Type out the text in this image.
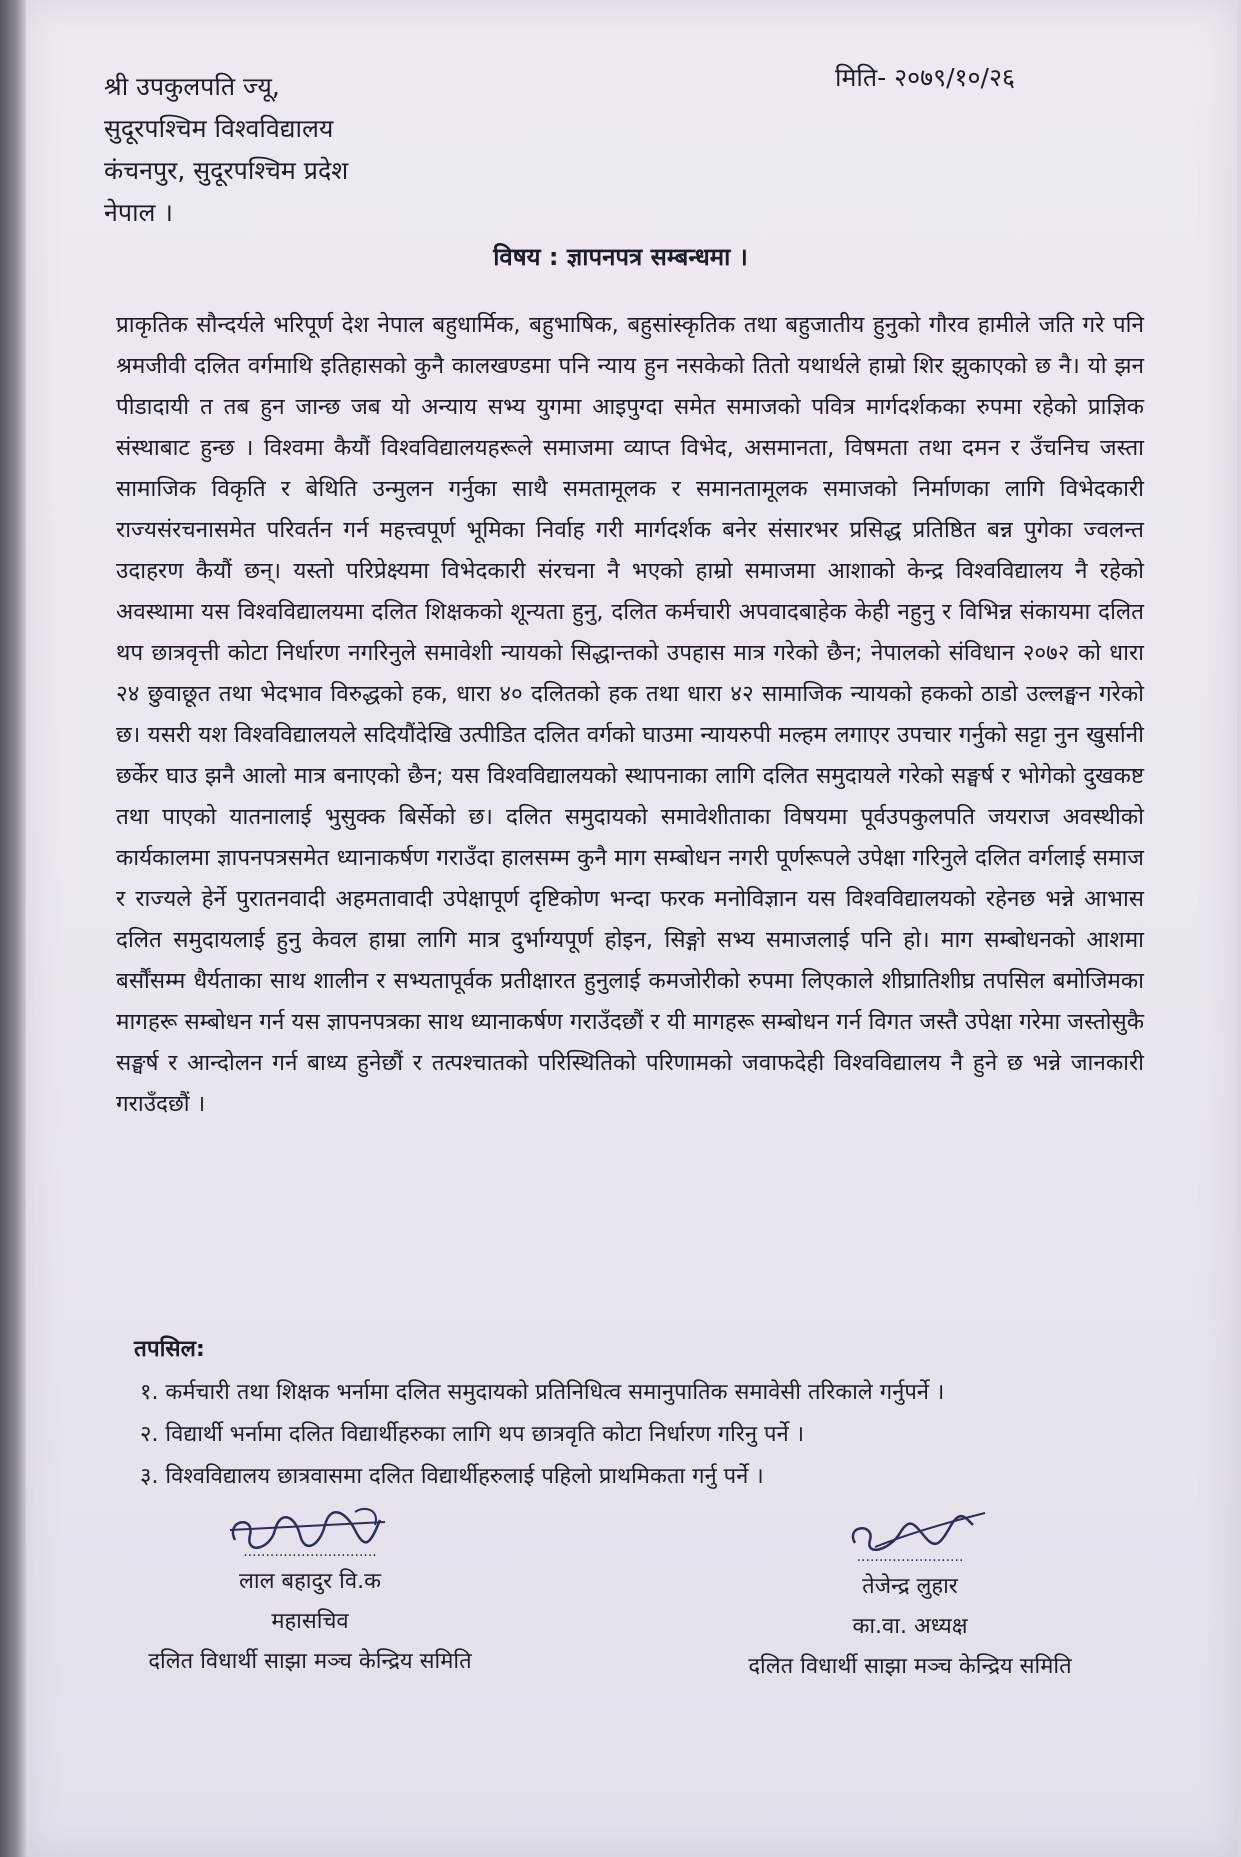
श्री उपकुलपति ज्यू,
सुदूरपश्चिम विश्वविद्यालय
कंचनपुर, सुदूरपश्चिम प्रदेश
नेपाल ।
मिति- २०७९/१०/२६
विषय : ज्ञापनपत्र सम्बन्धमा ।
प्राकृतिक सौन्दर्यले भरिपूर्ण देश नेपाल बहुधार्मिक, बहुभाषिक, बहुसांस्कृतिक तथा बहुजातीय हुनुको गौरव हामीले जति गरे पनि श्रमजीवी दलित वर्गमाथि इतिहासको कुनै कालखण्डमा पनि न्याय हुन नसकेको तितो यथार्थले हाम्रो शिर झुकाएको छ नै। यो झन पीडादायी त तब हुन जान्छ जब यो अन्याय सभ्य युगमा आइपुग्दा समेत समाजको पवित्र मार्गदर्शकका रुपमा रहेको प्राज्ञिक संस्थाबाट हुन्छ । विश्वमा कैयौं विश्वविद्यालयहरूले समाजमा व्याप्त विभेद, असमानता, विषमता तथा दमन र उँचनिच जस्ता सामाजिक विकृति र बेथिति उन्मुलन गर्नुका साथै समतामूलक र समानतामूलक समाजको निर्माणका लागि विभेदकारी राज्यसंरचनासमेत परिवर्तन गर्न महत्त्वपूर्ण भूमिका निर्वाह गरी मार्गदर्शक बनेर संसारभर प्रसिद्ध प्रतिष्ठित बन्न पुगेका ज्वलन्त उदाहरण कैयौं छन्। यस्तो परिप्रेक्ष्यमा विभेदकारी संरचना नै भएको हाम्रो समाजमा आशाको केन्द्र विश्वविद्यालय नै रहेको अवस्थामा यस विश्वविद्यालयमा दलित शिक्षकको शून्यता हुनु, दलित कर्मचारी अपवादबाहेक केही नहुनु र विभिन्न संकायमा दलित थप छात्रवृत्ती कोटा निर्धारण नगरिनुले समावेशी न्यायको सिद्धान्तको उपहास मात्र गरेको छैन; नेपालको संविधान २०७२ को धारा २४ छुवाछूत तथा भेदभाव विरुद्धको हक, धारा ४० दलितको हक तथा धारा ४२ सामाजिक न्यायको हकको ठाडो उल्लङ्घन गरेको छ। यसरी यश विश्वविद्यालयले सदियौंदेखि उत्पीडित दलित वर्गको घाउमा न्यायरुपी मल्हम लगाएर उपचार गर्नुको सट्टा नुन खुर्सानी छर्केर घाउ झनै आलो मात्र बनाएको छैन; यस विश्वविद्यालयको स्थापनाका लागि दलित समुदायले गरेको सङ्घर्ष र भोगेको दुखकष्ट तथा पाएको यातनालाई भुसुक्क बिर्सेको छ। दलित समुदायको समावेशीताका विषयमा पूर्वउपकुलपति जयराज अवस्थीको कार्यकालमा ज्ञापनपत्रसमेत ध्यानाकर्षण गराउँदा हालसम्म कुनै माग सम्बोधन नगरी पूर्णरूपले उपेक्षा गरिनुले दलित वर्गलाई समाज र राज्यले हेर्ने पुरातनवादी अहमतावादी उपेक्षापूर्ण दृष्टिकोण भन्दा फरक मनोविज्ञान यस विश्वविद्यालयको रहेनछ भन्ने आभास दलित समुदायलाई हुनु केवल हाम्रा लागि मात्र दुर्भाग्यपूर्ण होइन, सिङ्गो सभ्य समाजलाई पनि हो। माग सम्बोधनको आशमा बर्सौंसम्म धैर्यताका साथ शालीन र सभ्यतापूर्वक प्रतीक्षारत हुनुलाई कमजोरीको रुपमा लिएकाले शीघ्रातिशीघ्र तपसिल बमोजिमका मागहरू सम्बोधन गर्न यस ज्ञापनपत्रका साथ ध्यानाकर्षण गराउँदछौं र यी मागहरू सम्बोधन गर्न विगत जस्तै उपेक्षा गरेमा जस्तोसुकै सङ्घर्ष र आन्दोलन गर्न बाध्य हुनेछौं र तत्पश्चातको परिस्थितिको परिणामको जवाफदेही विश्वविद्यालय नै हुने छ भन्ने जानकारी गराउँदछौं ।
तपसिल:
१. कर्मचारी तथा शिक्षक भर्नामा दलित समुदायको प्रतिनिधित्व समानुपातिक समावेसी तरिकाले गर्नुपर्ने ।
२. विद्यार्थी भर्नामा दलित विद्यार्थीहरुका लागि थप छात्रवृति कोटा निर्धारण गरिनु पर्ने ।
३. विश्वविद्यालय छात्रवासमा दलित विद्यार्थीहरुलाई पहिलो प्राथमिकता गर्नु पर्ने ।
..............................
लाल बहादुर वि.क
महासचिव
दलित विधार्थी साझा मञ्च केन्द्रिय समिति
........................
तेजेन्द्र लुहार
का.वा. अध्यक्ष
दलित विधार्थी साझा मञ्च केन्द्रिय समिति
